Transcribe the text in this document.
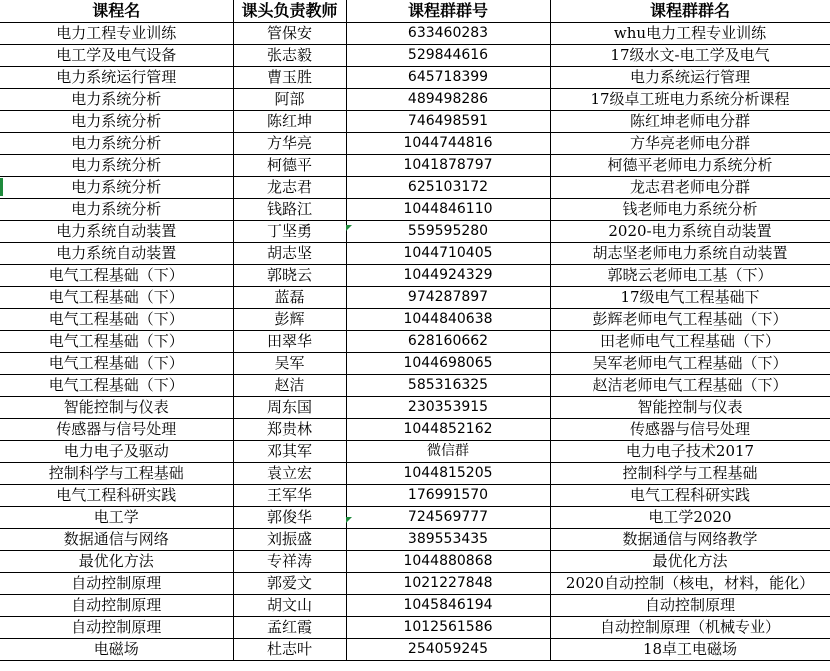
课程名	课头负责教师	课程群群号	课程群群名
电力工程专业训练	管保安	633460283	whu电力工程专业训练
电工学及电气设备	张志毅	529844616	17级水文-电工学及电气
电力系统运行管理	曹玉胜	645718399	电力系统运行管理
电力系统分析	阿部	489498286	17级卓工班电力系统分析课程
电力系统分析	陈红坤	746498591	陈红坤老师电分群
电力系统分析	方华亮	1044744816	方华亮老师电分群
电力系统分析	柯德平	1041878797	柯德平老师电力系统分析
电力系统分析	龙志君	625103172	龙志君老师电分群
电力系统分析	钱路江	1044846110	钱老师电力系统分析
电力系统自动装置	丁坚勇	559595280	2020-电力系统自动装置
电力系统自动装置	胡志坚	1044710405	胡志坚老师电力系统自动装置
电气工程基础（下）	郭晓云	1044924329	郭晓云老师电工基（下）
电气工程基础（下）	蓝磊	974287897	17级电气工程基础下
电气工程基础（下）	彭辉	1044840638	彭辉老师电气工程基础（下）
电气工程基础（下）	田翠华	628160662	田老师电气工程基础（下）
电气工程基础（下）	吴军	1044698065	吴军老师电气工程基础（下）
电气工程基础（下）	赵洁	585316325	赵洁老师电气工程基础（下）
智能控制与仪表	周东国	230353915	智能控制与仪表
传感器与信号处理	郑贵林	1044852162	传感器与信号处理
电力电子及驱动	邓其军	微信群	电力电子技术2017
控制科学与工程基础	袁立宏	1044815205	控制科学与工程基础
电气工程科研实践	王军华	176991570	电气工程科研实践
电工学	郭俊华	724569777	电工学2020
数据通信与网络	刘振盛	389553435	数据通信与网络教学
最优化方法	专祥涛	1044880868	最优化方法
自动控制原理	郭爱文	1021227848	2020自动控制（核电，材料，能化）
自动控制原理	胡文山	1045846194	自动控制原理
自动控制原理	孟红霞	1012561586	自动控制原理（机械专业）
电磁场	杜志叶	254059245	18卓工电磁场
